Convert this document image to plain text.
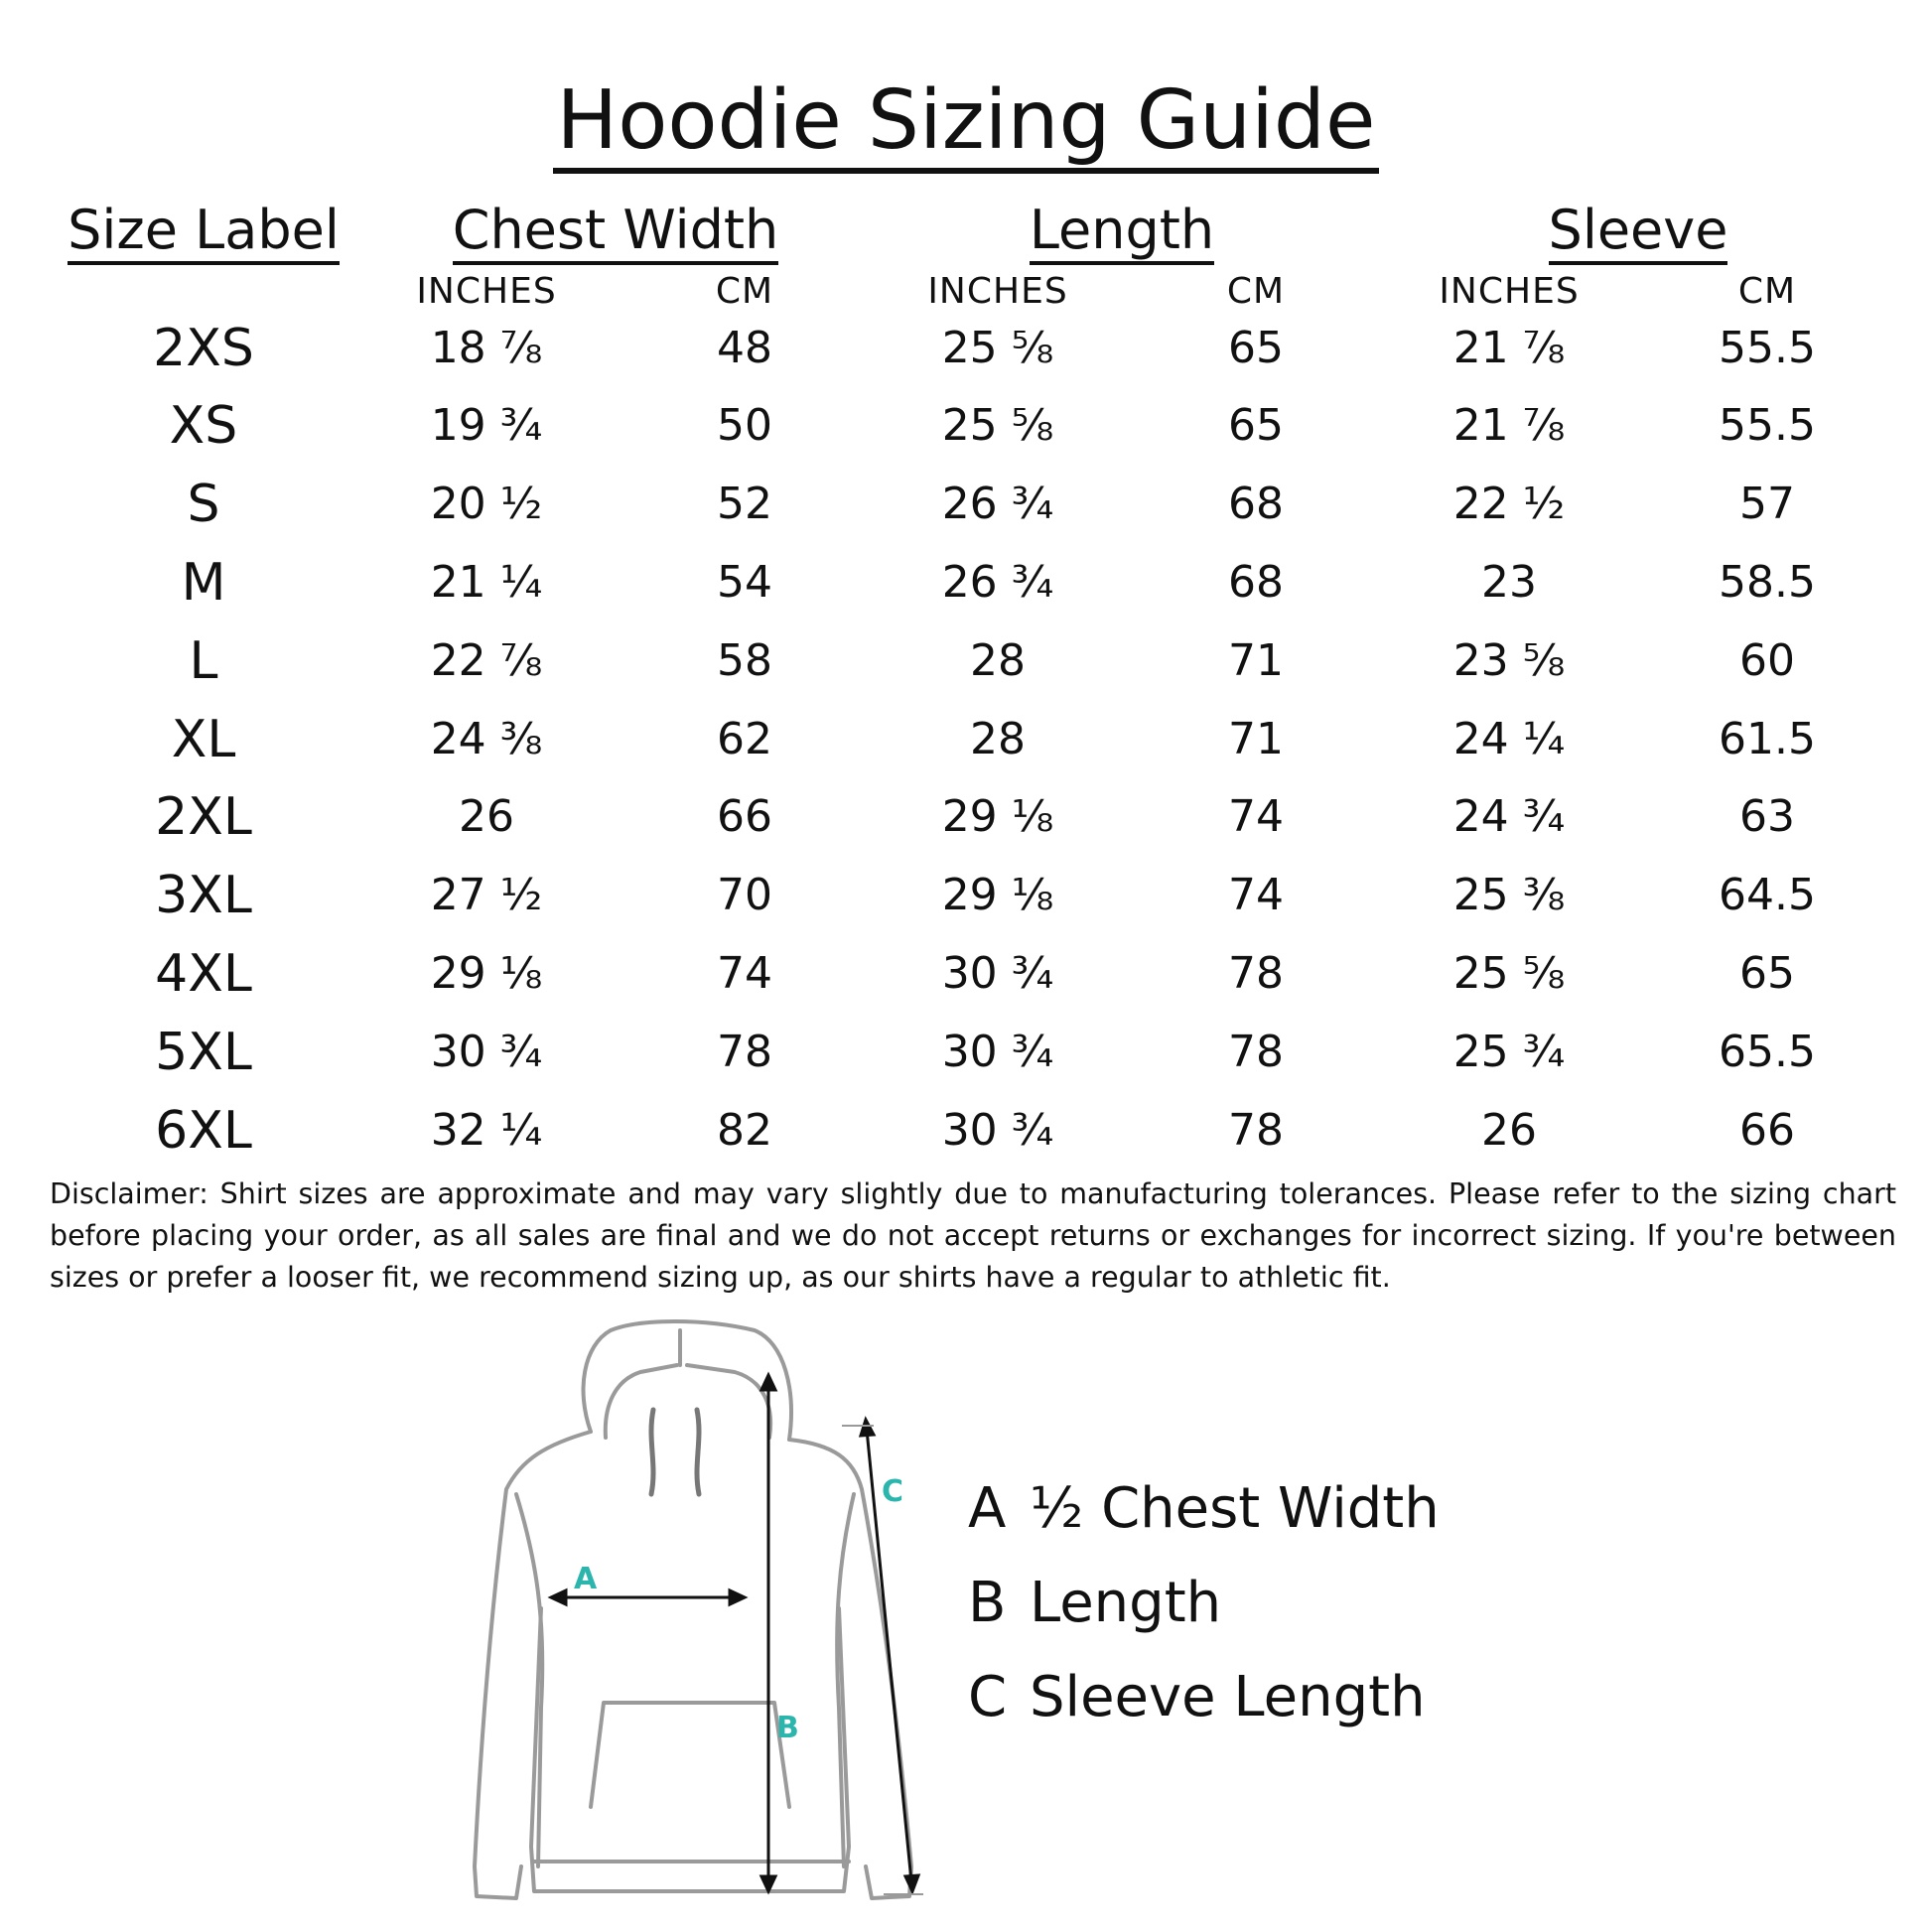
Hoodie Sizing Guide
Size Label	Chest Width	Length	Sleeve
INCHES	CM	INCHES	CM	INCHES	CM
2XS	18 ⅞	48	25 ⅝	65	21 ⅞	55.5
XS	19 ¾	50	25 ⅝	65	21 ⅞	55.5
S	20 ½	52	26 ¾	68	22 ½	57
M	21 ¼	54	26 ¾	68	23	58.5
L	22 ⅞	58	28	71	23 ⅝	60
XL	24 ⅜	62	28	71	24 ¼	61.5
2XL	26	66	29 ⅛	74	24 ¾	63
3XL	27 ½	70	29 ⅛	74	25 ⅜	64.5
4XL	29 ⅛	74	30 ¾	78	25 ⅝	65
5XL	30 ¾	78	30 ¾	78	25 ¾	65.5
6XL	32 ¼	82	30 ¾	78	26	66
Disclaimer: Shirt sizes are approximate and may vary slightly due to manufacturing tolerances. Please refer to the sizing chart before placing your order, as all sales are final and we do not accept returns or exchanges for incorrect sizing. If you're between sizes or prefer a looser fit, we recommend sizing up, as our shirts have a regular to athletic fit.
A
B
C A ½ Chest Width
B Length
C Sleeve Length
